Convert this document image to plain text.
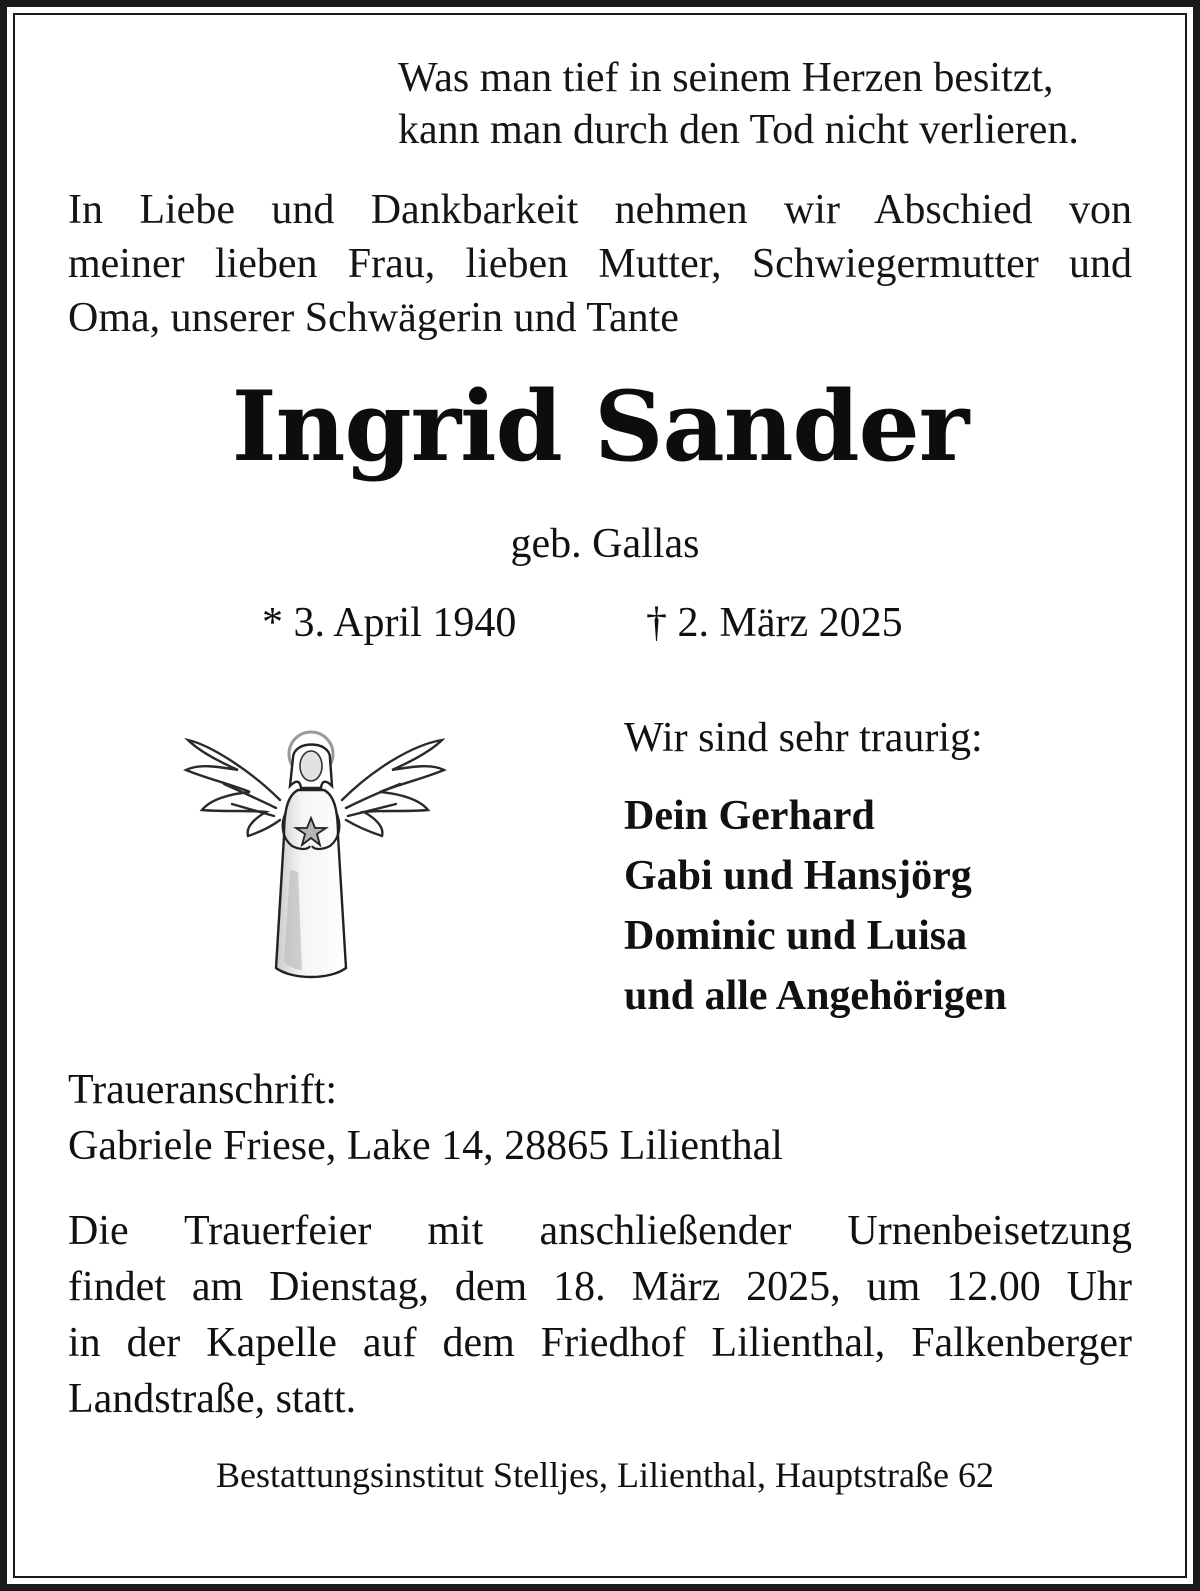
Was man tief in seinem Herzen besitzt,
kann man durch den Tod nicht verlieren.
In Liebe und Dankbarkeit nehmen wir Abschied von
meiner lieben Frau, lieben Mutter, Schwiegermutter und
Oma, unserer Schwägerin und Tante
Ingrid Sander
geb. Gallas
* 3. April 1940	† 2. März 2025
Wir sind sehr traurig:
Dein Gerhard
Gabi und Hansjörg
Dominic und Luisa
und alle Angehörigen
Traueranschrift:
Gabriele Friese, Lake 14, 28865 Lilienthal
Die Trauerfeier mit anschließender Urnenbeisetzung
findet am Dienstag, dem 18. März 2025, um 12.00 Uhr
in der Kapelle auf dem Friedhof Lilienthal, Falkenberger
Landstraße, statt.
Bestattungsinstitut Stelljes, Lilienthal, Hauptstraße 62
